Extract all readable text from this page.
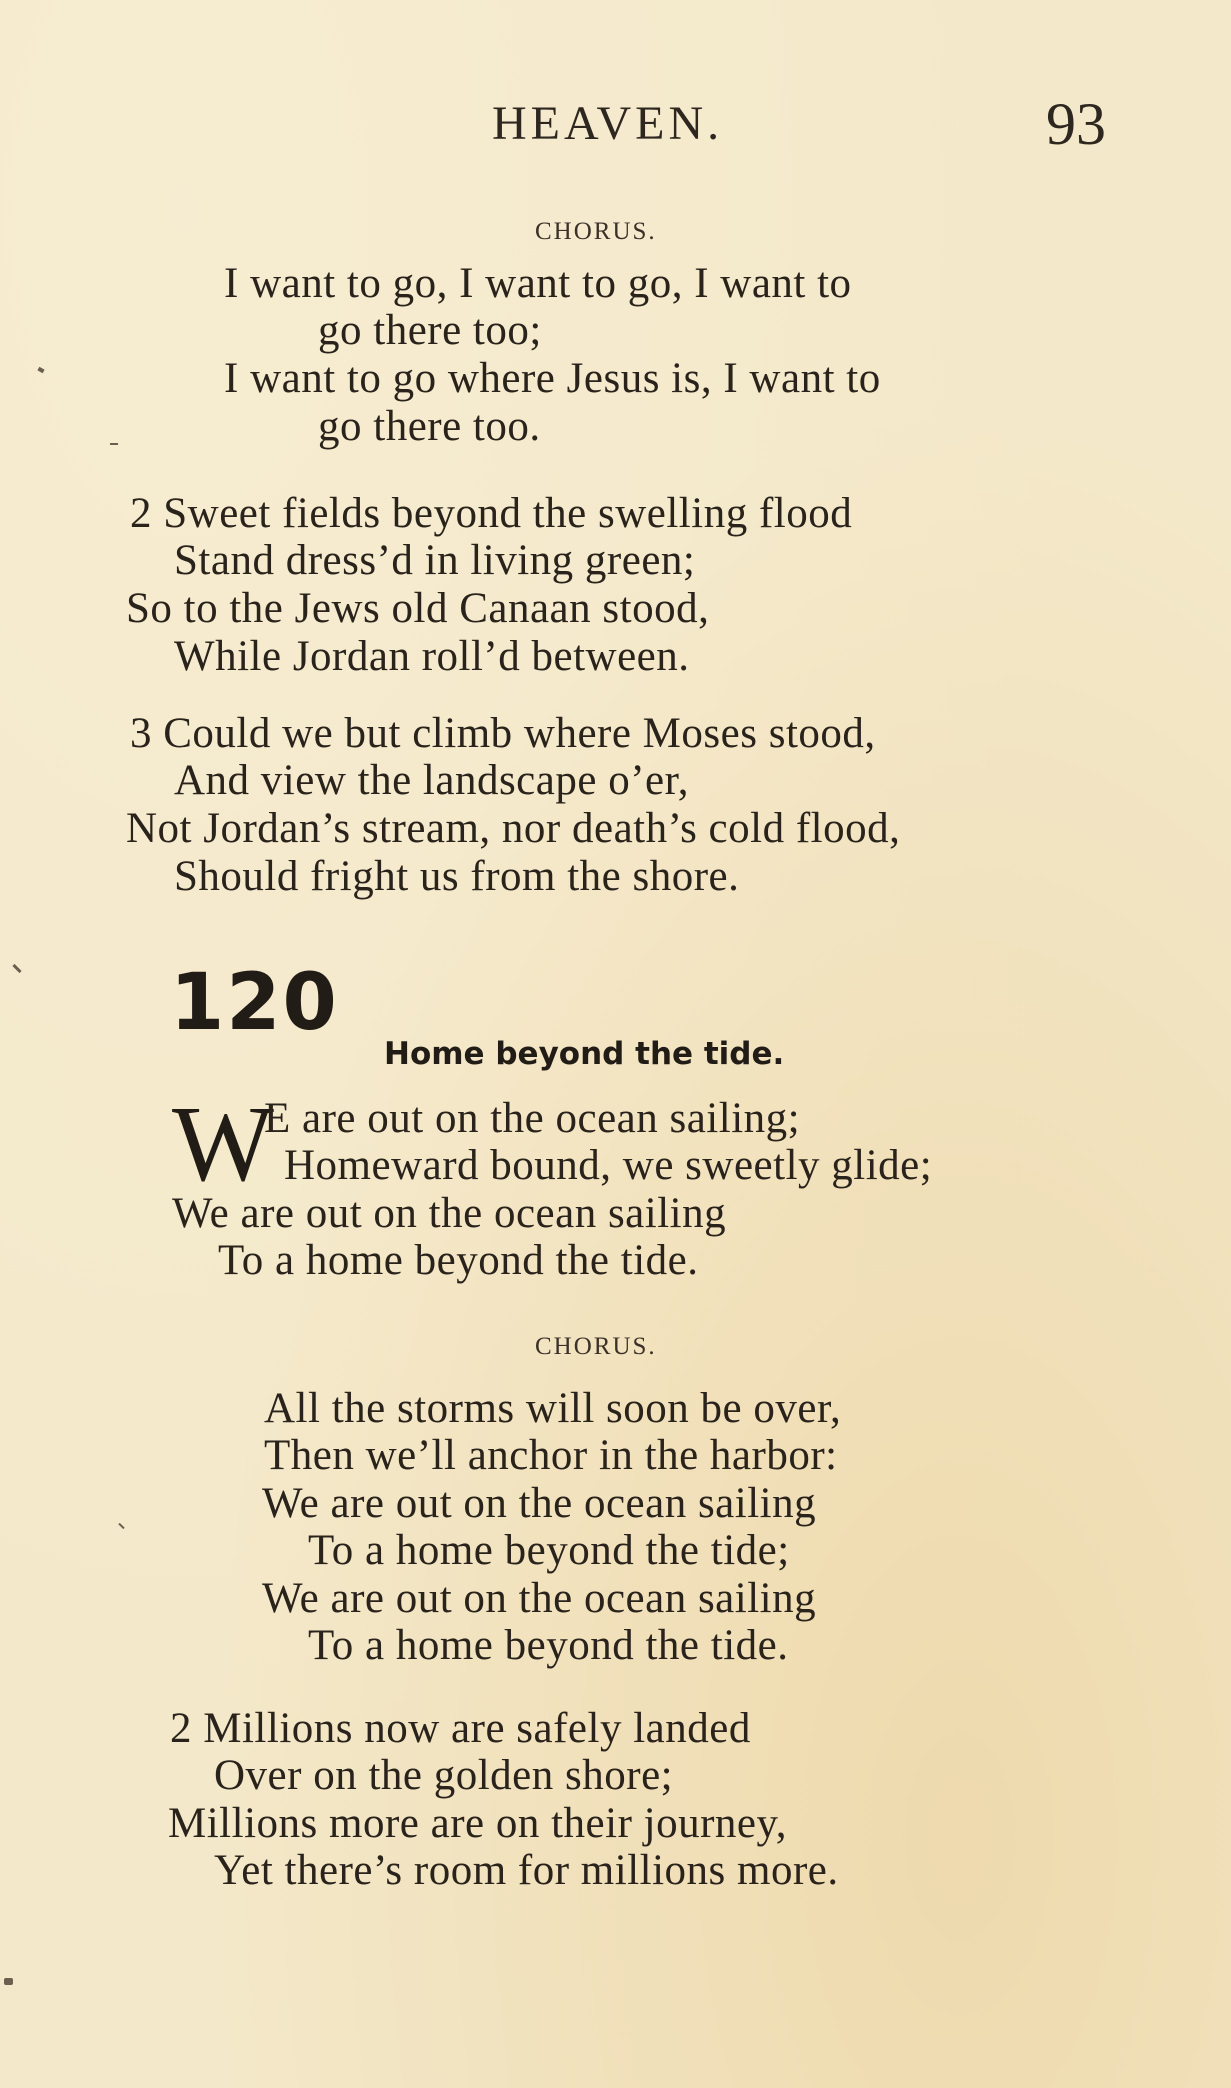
HEAVEN.	93
CHORUS.
I want to go, I want to go, I want to
go there too;
I want to go where Jesus is, I want to
go there too.
2 Sweet fields beyond the swelling flood
Stand dress’d in living green;
So to the Jews old Canaan stood,
While Jordan roll’d between.
3 Could we but climb where Moses stood,
And view the landscape o’er,
Not Jordan’s stream, nor death’s cold flood,
Should fright us from the shore.
120
Home beyond the tide.
W
E are out on the ocean sailing;
Homeward bound, we sweetly glide;
We are out on the ocean sailing
To a home beyond the tide.
CHORUS.
All the storms will soon be over,
Then we’ll anchor in the harbor:
We are out on the ocean sailing
To a home beyond the tide;
We are out on the ocean sailing
To a home beyond the tide.
2 Millions now are safely landed
Over on the golden shore;
Millions more are on their journey,
Yet there’s room for millions more.
